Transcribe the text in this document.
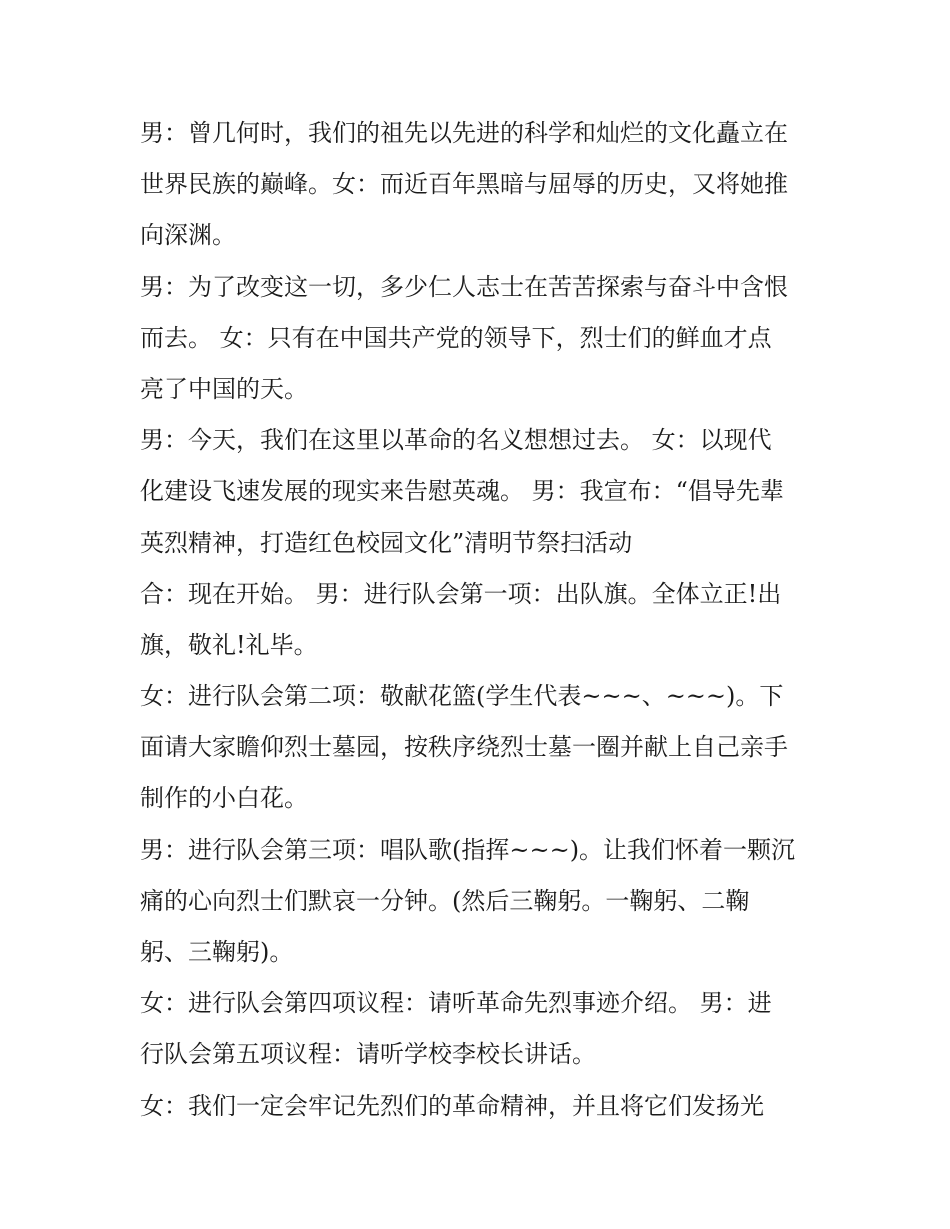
男：曾几何时，我们的祖先以先进的科学和灿烂的文化矗立在
世界民族的巅峰。女：而近百年黑暗与屈辱的历史，又将她推
向深渊。
男：为了改变这一切，多少仁人志士在苦苦探索与奋斗中含恨
而去。 女：只有在中国共产党的领导下，烈士们的鲜血才点
亮了中国的天。
男：今天，我们在这里以革命的名义想想过去。 女：以现代
化建设飞速发展的现实来告慰英魂。 男：我宣布：“倡导先辈
英烈精神，打造红色校园文化”清明节祭扫活动
合：现在开始。 男：进行队会第一项：出队旗。全体立正!出
旗，敬礼!礼毕。
女：进行队会第二项：敬献花篮(学生代表~~~、~~~)。下
面请大家瞻仰烈士墓园，按秩序绕烈士墓一圈并献上自己亲手
制作的小白花。
男：进行队会第三项：唱队歌(指挥~~~)。让我们怀着一颗沉
痛的心向烈士们默哀一分钟。(然后三鞠躬。一鞠躬、二鞠
躬、三鞠躬)。
女：进行队会第四项议程：请听革命先烈事迹介绍。 男：进
行队会第五项议程：请听学校李校长讲话。
女：我们一定会牢记先烈们的革命精神，并且将它们发扬光
